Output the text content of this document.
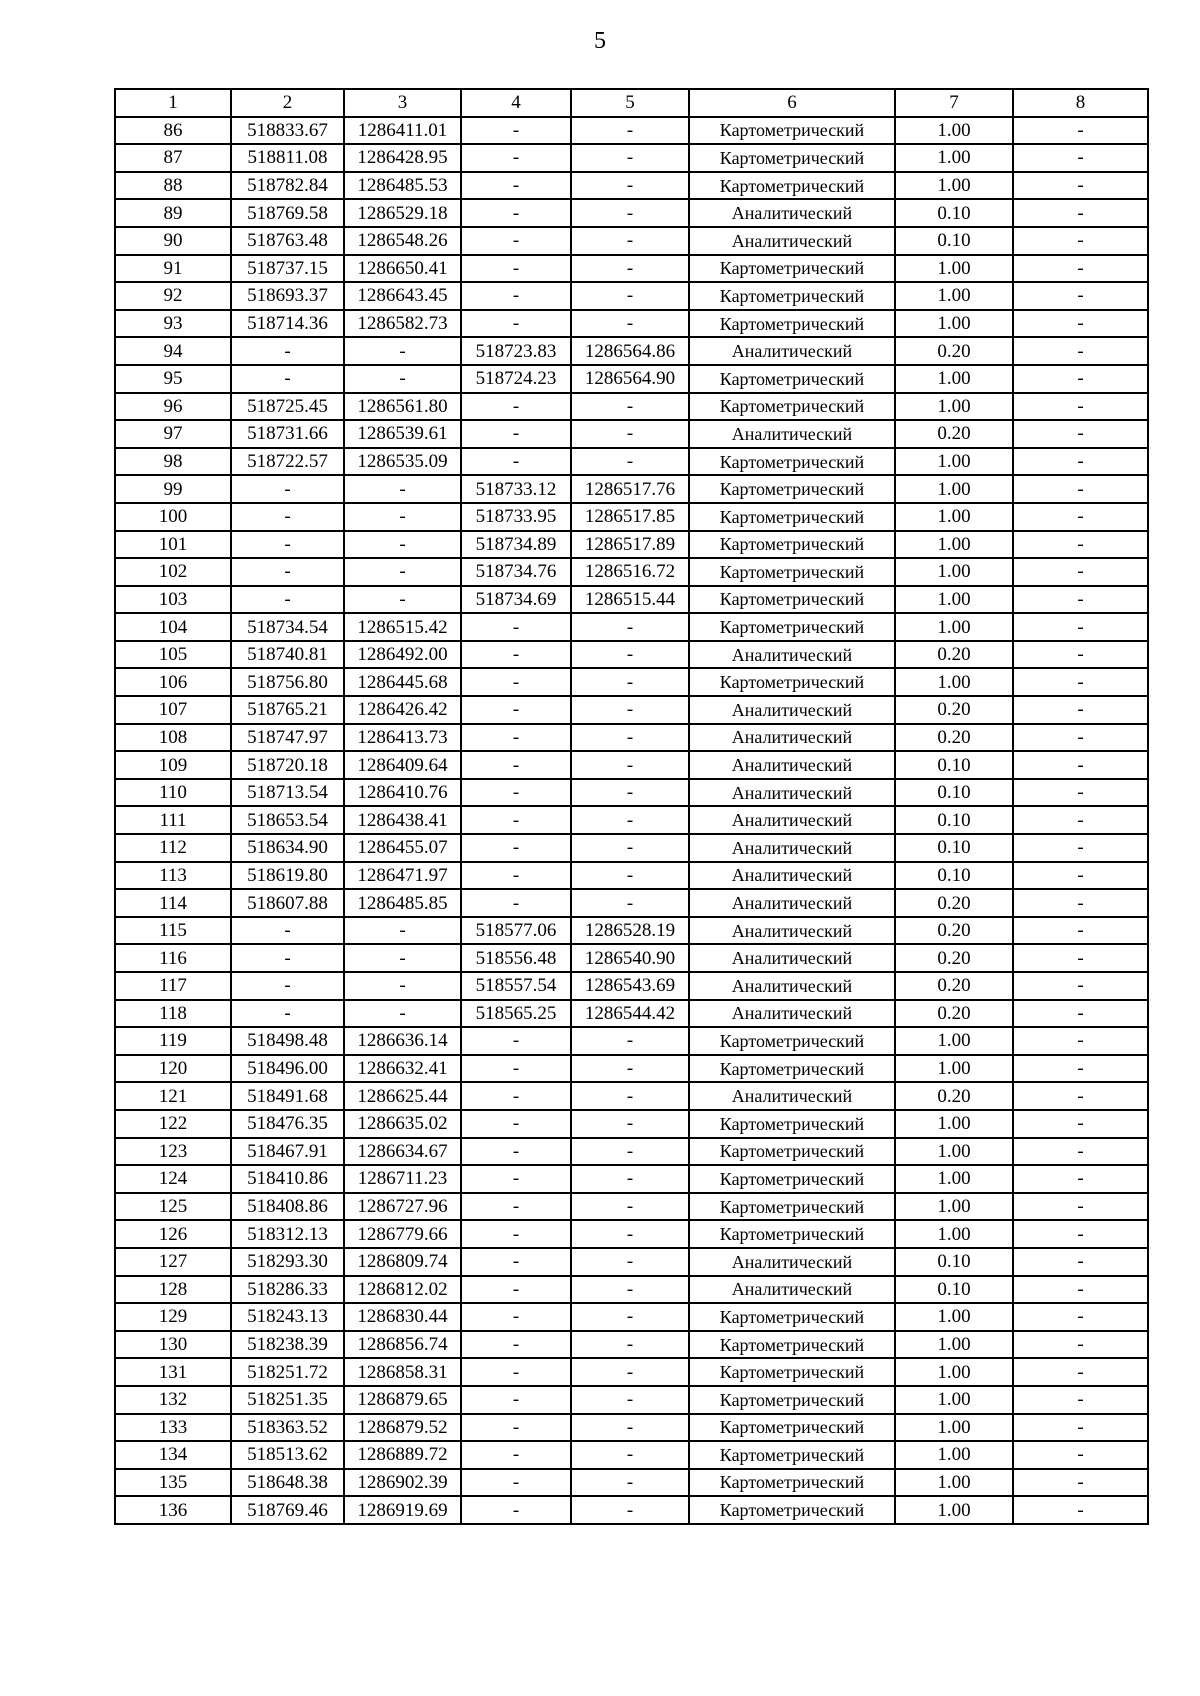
5
1	2	3	4	5	6	7	8
86	518833.67	1286411.01	-	-	Картометрический	1.00	-
87	518811.08	1286428.95	-	-	Картометрический	1.00	-
88	518782.84	1286485.53	-	-	Картометрический	1.00	-
89	518769.58	1286529.18	-	-	Аналитический	0.10	-
90	518763.48	1286548.26	-	-	Аналитический	0.10	-
91	518737.15	1286650.41	-	-	Картометрический	1.00	-
92	518693.37	1286643.45	-	-	Картометрический	1.00	-
93	518714.36	1286582.73	-	-	Картометрический	1.00	-
94	-	-	518723.83	1286564.86	Аналитический	0.20	-
95	-	-	518724.23	1286564.90	Картометрический	1.00	-
96	518725.45	1286561.80	-	-	Картометрический	1.00	-
97	518731.66	1286539.61	-	-	Аналитический	0.20	-
98	518722.57	1286535.09	-	-	Картометрический	1.00	-
99	-	-	518733.12	1286517.76	Картометрический	1.00	-
100	-	-	518733.95	1286517.85	Картометрический	1.00	-
101	-	-	518734.89	1286517.89	Картометрический	1.00	-
102	-	-	518734.76	1286516.72	Картометрический	1.00	-
103	-	-	518734.69	1286515.44	Картометрический	1.00	-
104	518734.54	1286515.42	-	-	Картометрический	1.00	-
105	518740.81	1286492.00	-	-	Аналитический	0.20	-
106	518756.80	1286445.68	-	-	Картометрический	1.00	-
107	518765.21	1286426.42	-	-	Аналитический	0.20	-
108	518747.97	1286413.73	-	-	Аналитический	0.20	-
109	518720.18	1286409.64	-	-	Аналитический	0.10	-
110	518713.54	1286410.76	-	-	Аналитический	0.10	-
111	518653.54	1286438.41	-	-	Аналитический	0.10	-
112	518634.90	1286455.07	-	-	Аналитический	0.10	-
113	518619.80	1286471.97	-	-	Аналитический	0.10	-
114	518607.88	1286485.85	-	-	Аналитический	0.20	-
115	-	-	518577.06	1286528.19	Аналитический	0.20	-
116	-	-	518556.48	1286540.90	Аналитический	0.20	-
117	-	-	518557.54	1286543.69	Аналитический	0.20	-
118	-	-	518565.25	1286544.42	Аналитический	0.20	-
119	518498.48	1286636.14	-	-	Картометрический	1.00	-
120	518496.00	1286632.41	-	-	Картометрический	1.00	-
121	518491.68	1286625.44	-	-	Аналитический	0.20	-
122	518476.35	1286635.02	-	-	Картометрический	1.00	-
123	518467.91	1286634.67	-	-	Картометрический	1.00	-
124	518410.86	1286711.23	-	-	Картометрический	1.00	-
125	518408.86	1286727.96	-	-	Картометрический	1.00	-
126	518312.13	1286779.66	-	-	Картометрический	1.00	-
127	518293.30	1286809.74	-	-	Аналитический	0.10	-
128	518286.33	1286812.02	-	-	Аналитический	0.10	-
129	518243.13	1286830.44	-	-	Картометрический	1.00	-
130	518238.39	1286856.74	-	-	Картометрический	1.00	-
131	518251.72	1286858.31	-	-	Картометрический	1.00	-
132	518251.35	1286879.65	-	-	Картометрический	1.00	-
133	518363.52	1286879.52	-	-	Картометрический	1.00	-
134	518513.62	1286889.72	-	-	Картометрический	1.00	-
135	518648.38	1286902.39	-	-	Картометрический	1.00	-
136	518769.46	1286919.69	-	-	Картометрический	1.00	-
